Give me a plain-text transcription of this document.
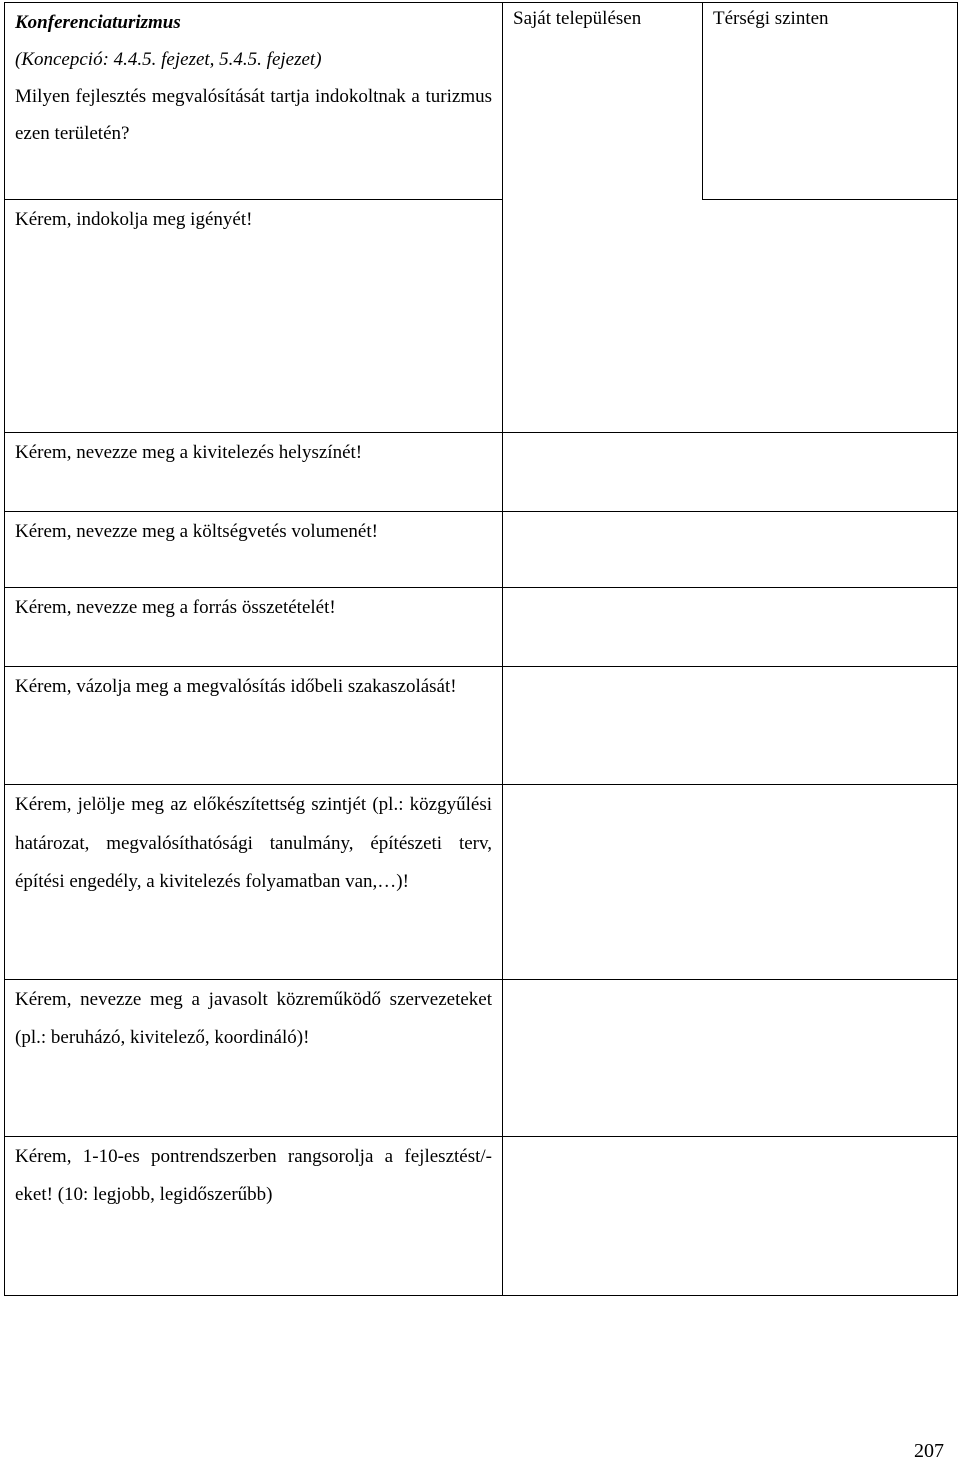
Konferenciaturizmus
(Koncepció: 4.4.5. fejezet, 5.4.5. fejezet)
Milyen fejlesztés megvalósítását tartja indokoltnak a turizmus ezen területén?	Saját településen	Térségi szinten

Kérem, indokolja meg igényét!		

Kérem, nevezze meg a kivitelezés helyszínét!		

Kérem, nevezze meg a költségvetés volumenét!		

Kérem, nevezze meg a forrás összetételét!		

Kérem, vázolja meg a megvalósítás időbeli szakaszolását!		

Kérem, jelölje meg az előkészítettség szintjét (pl.: közgyűlési határozat, megvalósíthatósági tanulmány, építészeti terv, építési engedély, a kivitelezés folyamatban van,…)!		

Kérem, nevezze meg a javasolt közreműködő szervezeteket (pl.: beruházó, kivitelező, koordináló)!		

Kérem, 1-10-es pontrendszerben rangsorolja a fejlesztést/-eket! (10: legjobb, legidőszerűbb)		

207
